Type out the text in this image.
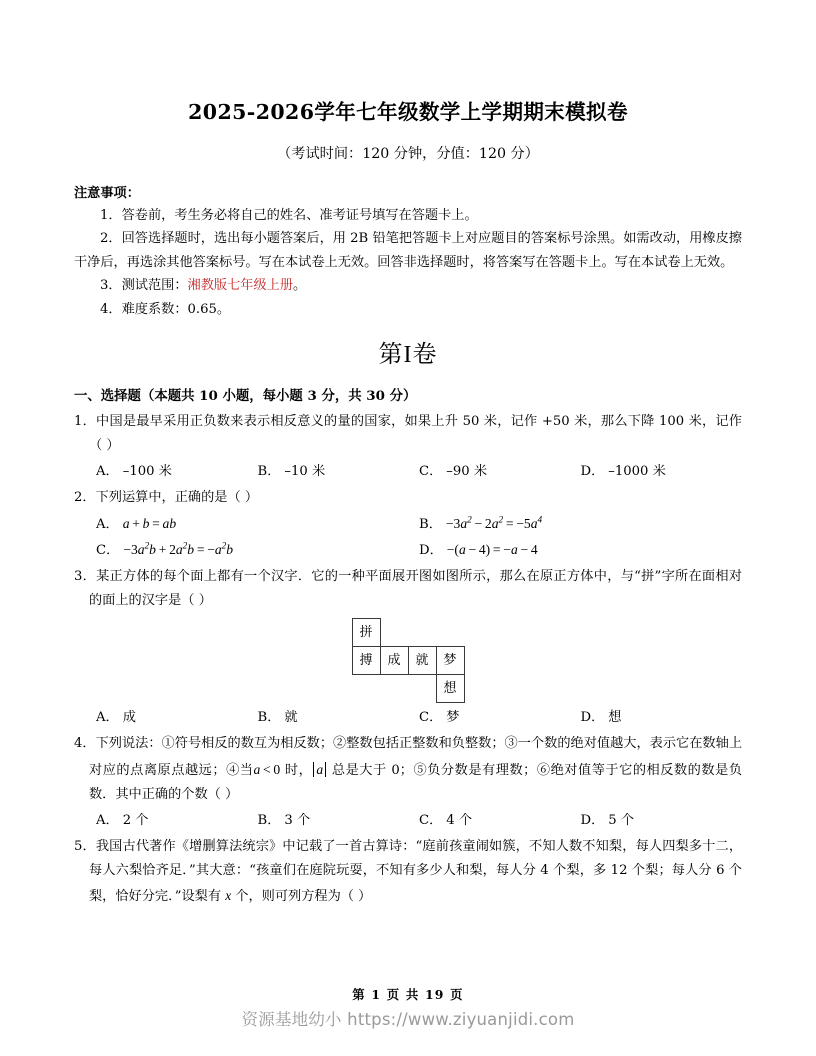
2025-2026学年七年级数学上学期期末模拟卷
（考试时间：120 分钟，分值：120 分）
注意事项：
1．答卷前，考生务必将自己的姓名、准考证号填写在答题卡上。
2．回答选择题时，选出每小题答案后，用 2B 铅笔把答题卡上对应题目的答案标号涂黑。如需改动，用橡皮擦干净后，再选涂其他答案标号。写在本试卷上无效。回答非选择题时，将答案写在答题卡上。写在本试卷上无效。
3．测试范围：湘教版七年级上册。
4．难度系数：0.65。
第I卷
一、选择题（本题共 10 小题，每小题 3 分，共 30 分）
1．中国是最早采用正负数来表示相反意义的量的国家，如果上升 50 米，记作 +50 米，那么下降 100 米，记作（ ）
A． –100 米	B． –10 米	C． –90 米	D． –1000 米
2．下列运算中，正确的是（ ）
A． a + b = ab	B． $-3a^2 - 2a^2 = -5a^4$
C． $-3a^2b + 2a^2b = -a^2b$	D． −(a − 4) = −a − 4
3．某正方体的每个面上都有一个汉字．它的一种平面展开图如图所示，那么在原正方体中，与“拼”字所在面相对的面上的汉字是（ ）
拼			
搏	成	就	梦
			想
A． 成	B． 就	C． 梦	D． 想
4．下列说法：①符号相反的数互为相反数；②整数包括正整数和负整数；③一个数的绝对值越大，表示它在数轴上对应的点离原点越远；④当a < 0 时， a 总是大于 0；⑤负分数是有理数；⑥绝对值等于它的相反数的数是负数．其中正确的个数（ ）
A． 2 个	B． 3 个	C． 4 个	D． 5 个
5．我国古代著作《增删算法统宗》中记载了一首古算诗：“庭前孩童闹如簇，不知人数不知梨，每人四梨多十二，每人六梨恰齐足．”其大意：“孩童们在庭院玩耍，不知有多少人和梨，每人分 4 个梨，多 12 个梨；每人分 6 个梨，恰好分完．”设梨有 x 个，则可列方程为（ ）
第 1 页 共 19 页
资源基地幼小 https://www.ziyuanjidi.com
